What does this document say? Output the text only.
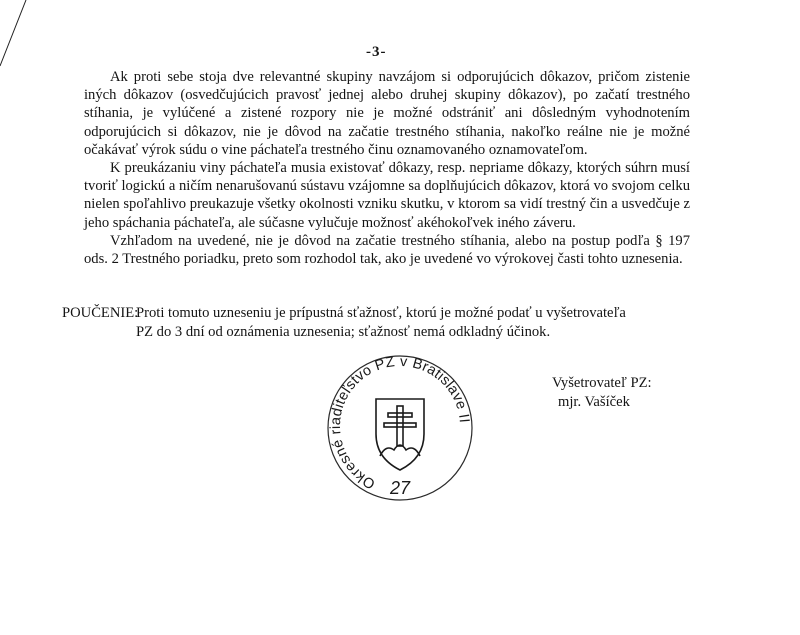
-3-

Ak proti sebe stoja dve relevantné skupiny navzájom si odporujúcich dôkazov, pričom zistenie iných dôkazov (osvedčujúcich pravosť jednej alebo druhej skupiny dôkazov), po začatí trestného stíhania, je vylúčené a zistené rozpory nie je možné odstrániť ani dôsledným vyhodnotením odporujúcich si dôkazov, nie je dôvod na začatie trestného stíhania, nakoľko reálne nie je možné očakávať výrok súdu o vine páchateľa trestného činu oznamovaného oznamovateľom.

K preukázaniu viny páchateľa musia existovať dôkazy, resp. nepriame dôkazy, ktorých súhrn musí tvoriť logickú a ničím nenarušovanú sústavu vzájomne sa doplňujúcich dôkazov, ktorá vo svojom celku nielen spoľahlivo preukazuje všetky okolnosti vzniku skutku, v ktorom sa vidí trestný čin a usvedčuje z jeho spáchania páchateľa, ale súčasne vylučuje možnosť akéhokoľvek iného záveru.

Vzhľadom na uvedené, nie je dôvod na začatie trestného stíhania, alebo na postup podľa § 197 ods. 2 Trestného poriadku, preto som rozhodol tak, ako je uvedené vo výrokovej časti tohto uznesenia.

POUČENIE:
Proti tomuto uzneseniu je prípustná sťažnosť, ktorú je možné podať u vyšetrovateľa
PZ do 3 dní od oznámenia uznesenia; sťažnosť nemá odkladný účinok.
Okresné riaditeľstvo PZ v Bratislave II
27
Vyšetrovateľ PZ:
mjr. Vašíček
